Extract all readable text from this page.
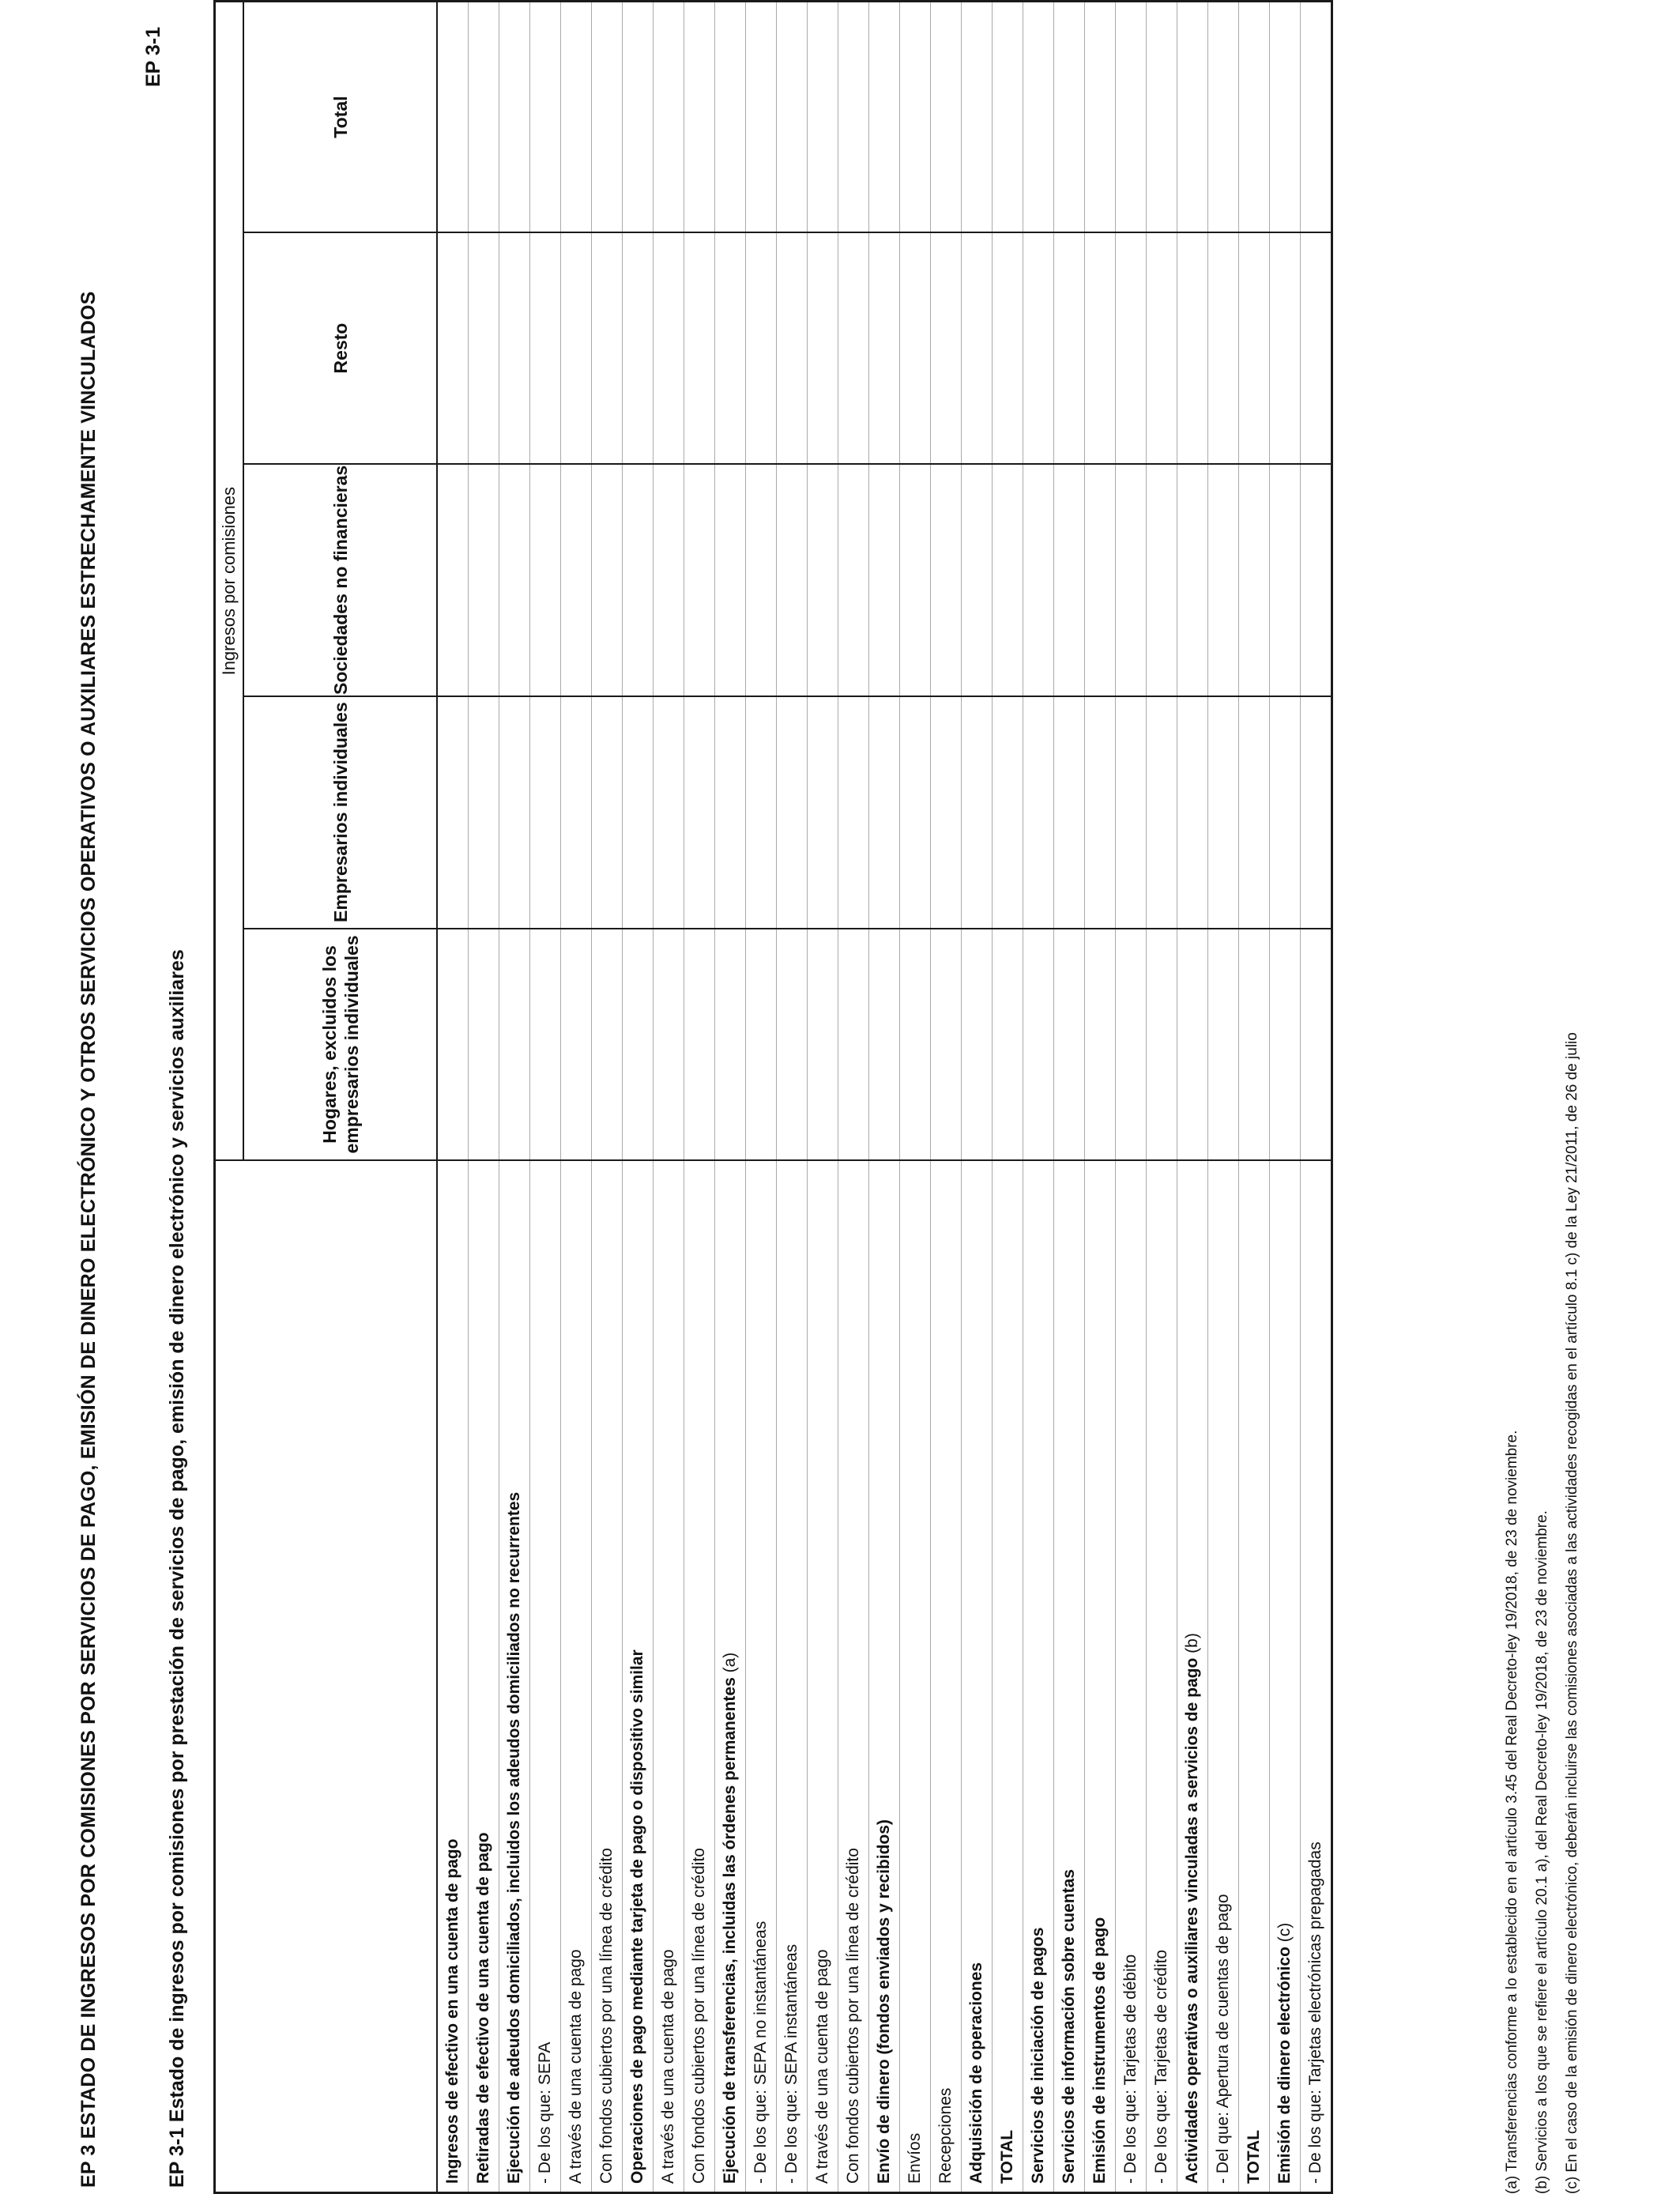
EP 3 ESTADO DE INGRESOS POR COMISIONES POR SERVICIOS DE PAGO, EMISIÓN DE DINERO ELECTRÓNICO Y OTROS SERVICIOS OPERATIVOS O AUXILIARES ESTRECHAMENTE VINCULADOS
EP 3-1
EP 3-1 Estado de ingresos por comisiones por prestación de servicios de pago, emisión de dinero electrónico y servicios auxiliares
	Ingresos por comisiones				
	Hogares, excluidos los empresarios individuales	Empresarios individuales	Sociedades no financieras	Resto	Total
Ingresos de efectivo en una cuenta de pago					
Retiradas de efectivo de una cuenta de pago					
Ejecución de adeudos domiciliados, incluidos los adeudos domiciliados no recurrentes					
- De los que: SEPA					
A través de una cuenta de pago					
Con fondos cubiertos por una línea de crédito					
Operaciones de pago mediante tarjeta de pago o dispositivo similar					
A través de una cuenta de pago					
Con fondos cubiertos por una línea de crédito					
Ejecución de transferencias, incluidas las órdenes permanentes (a)					
- De los que: SEPA no instantáneas					
- De los que: SEPA instantáneas					
A través de una cuenta de pago					
Con fondos cubiertos por una línea de crédito					
Envío de dinero (fondos enviados y recibidos)					
Envíos					
Recepciones					
Adquisición de operaciones					
TOTAL					
Servicios de iniciación de pagos					
Servicios de información sobre cuentas					
Emisión de instrumentos de pago					
- De los que: Tarjetas de débito					
- De los que: Tarjetas de crédito					
Actividades operativas o auxiliares vinculadas a servicios de pago (b)					
- Del que: Apertura de cuentas de pago					
TOTAL					
Emisión de dinero electrónico (c)					
- De los que: Tarjetas electrónicas prepagadas						(a) Transferencias conforme a lo establecido en el artículo 3.45 del Real Decreto-ley 19/2018, de 23 de noviembre. (b) Servicios a los que se refiere el artículo 20.1 a), del Real Decreto-ley 19/2018, de 23 de noviembre. (c) En el caso de la emisión de dinero electrónico, deberán incluirse las comisiones asociadas a las actividades recogidas en el artículo 8.1 c) de la Ley 21/2011, de 26 de julio
